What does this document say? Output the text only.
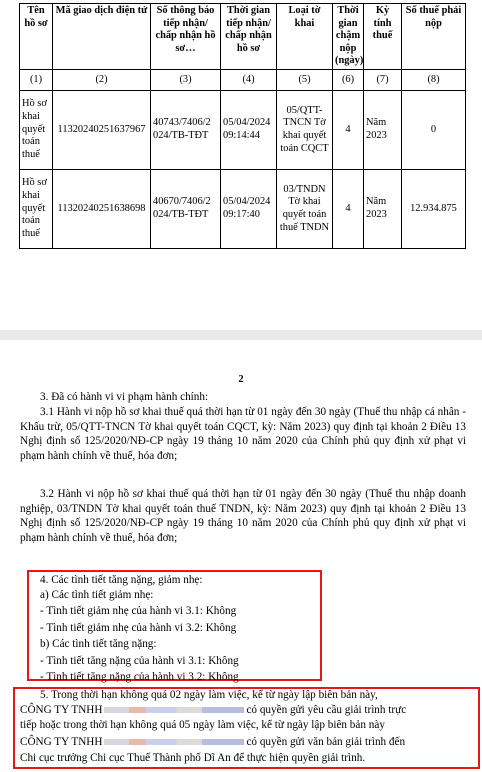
Tên hồ sơ	Mã giao dịch điện tử	Số thông báo tiếp nhận/ chấp nhận hồ sơ…	Thời gian tiếp nhận/ chấp nhận hồ sơ	Loại tờ khai	Thời gian chậm nộp (ngày)	Kỳ tính thuế	Số thuế phải nộp
(1)	(2)	(3)	(4)	(5)	(6)	(7)	(8)
Hồ sơ khai quyết toán thuế	11320240251637967	40743/7406/2 024/TB-TĐT	05/04/2024 09:14:44	05/QTT-TNCN Tờ khai quyết toán CQCT	4	Năm 2023	0
Hồ sơ khai quyết toán thuế	11320240251638698	40670/7406/2 024/TB-TĐT	05/04/2024 09:17:40	03/TNDN Tờ khai quyết toán thuế TNDN	4	Năm 2023	12.934.875
2
3. Đã có hành vi vi phạm hành chính:
3.1 Hành vi nộp hồ sơ khai thuế quá thời hạn từ 01 ngày đến 30 ngày (Thuế thu nhập cá nhân - Khấu trừ, 05/QTT-TNCN Tờ khai quyết toán CQCT, kỳ: Năm 2023) quy định tại khoản 2 Điều 13 Nghị định số 125/2020/NĐ-CP ngày 19 tháng 10 năm 2020 của Chính phủ quy định xử phạt vi phạm hành chính về thuế, hóa đơn;
3.2 Hành vi nộp hồ sơ khai thuế quá thời hạn từ 01 ngày đến 30 ngày (Thuế thu nhập doanh nghiệp, 03/TNDN Tờ khai quyết toán thuế TNDN, kỳ: Năm 2023) quy định tại khoản 2 Điều 13 Nghị định số 125/2020/NĐ-CP ngày 19 tháng 10 năm 2020 của Chính phủ quy định xử phạt vi phạm hành chính về thuế, hóa đơn;
4. Các tình tiết tăng nặng, giảm nhẹ:
a) Các tình tiết giảm nhẹ:
- Tình tiết giảm nhẹ của hành vi 3.1: Không
- Tình tiết giảm nhẹ của hành vi 3.2: Không
b) Các tình tiết tăng nặng:
- Tình tiết tăng nặng của hành vi 3.1: Không
- Tình tiết tăng nặng của hành vi 3.2: Không
5. Trong thời hạn không quá 02 ngày làm việc, kể từ ngày lập biên bản này,
CÔNG TY TNHH	có quyền gửi yêu cầu giải trình trực
tiếp hoặc trong thời hạn không quá 05 ngày làm việc, kể từ ngày lập biên bản này
CÔNG TY TNHH	có quyền gửi văn bản giải trình đến
Chi cục trưởng Chi cục Thuế Thành phố Dĩ An để thực hiện quyền giải trình.
